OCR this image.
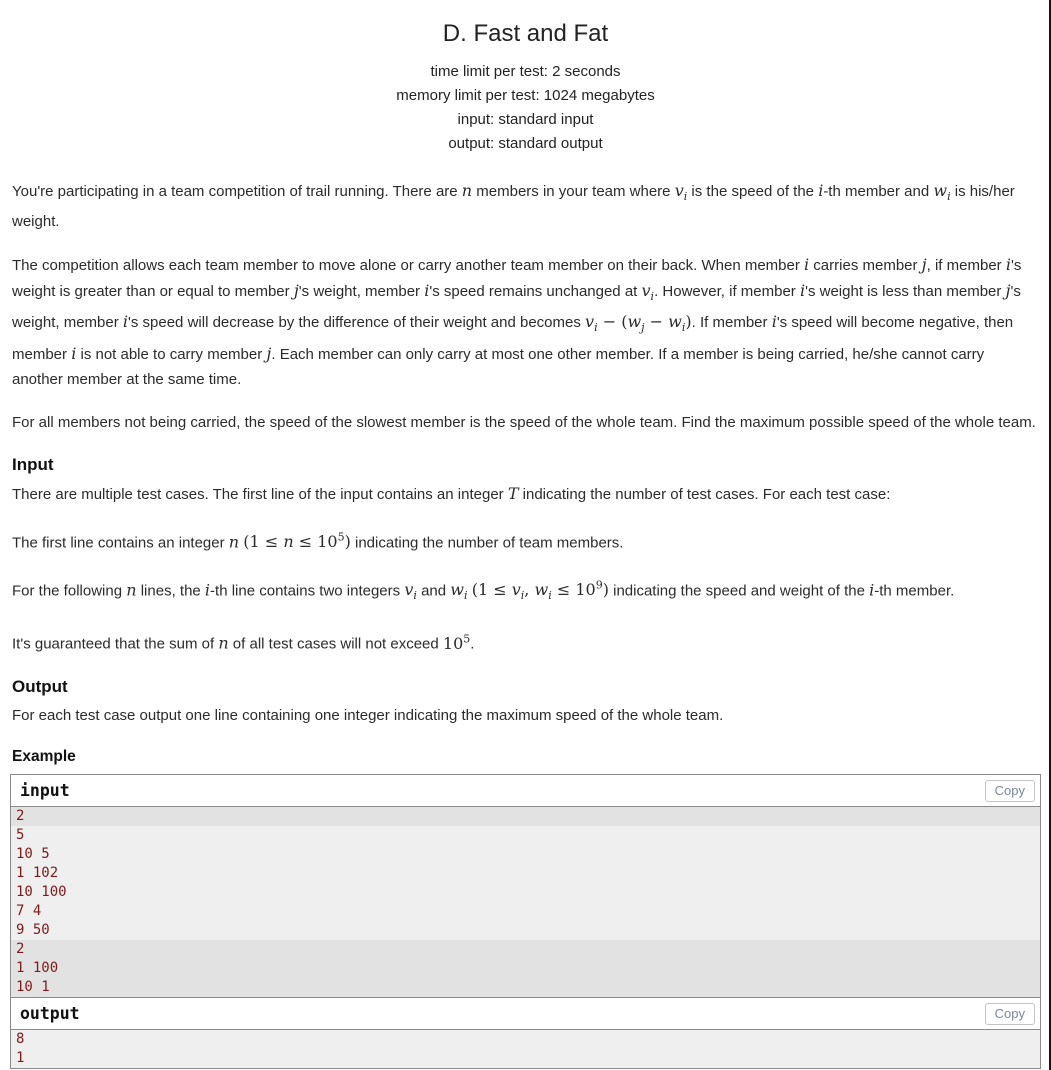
D. Fast and Fat
time limit per test: 2 seconds
memory limit per test: 1024 megabytes
input: standard input
output: standard output

You're participating in a team competition of trail running. There are n members in your team where $v_i$ is the speed of the i-th member and $w_i$ is his/her weight.

The competition allows each team member to move alone or carry another team member on their back. When member i carries member j, if member i's weight is greater than or equal to member j's weight, member i's speed remains unchanged at $v_i$. However, if member i's weight is less than member j's weight, member i's speed will decrease by the difference of their weight and becomes $v_i - (w_j - w_i)$. If member i's speed will become negative, then member i is not able to carry member j. Each member can only carry at most one other member. If a member is being carried, he/she cannot carry another member at the same time.

For all members not being carried, the speed of the slowest member is the speed of the whole team. Find the maximum possible speed of the whole team.

Input

There are multiple test cases. The first line of the input contains an integer T indicating the number of test cases. For each test case:

The first line contains an integer n $(1 \le n \le 10^5)$ indicating the number of team members.

For the following n lines, the i-th line contains two integers $v_i$ and $w_i$ ($1 \le v_i$, $w_i \le 10^9$) indicating the speed and weight of the i-th member.

It's guaranteed that the sum of n of all test cases will not exceed $10^5$.

Output

For each test case output one line containing one integer indicating the maximum speed of the whole team.

Example
input	Copy
2
5
10 5
1 102
10 100
7 4
9 50
2
1 100
10 1
output	Copy
8
1
